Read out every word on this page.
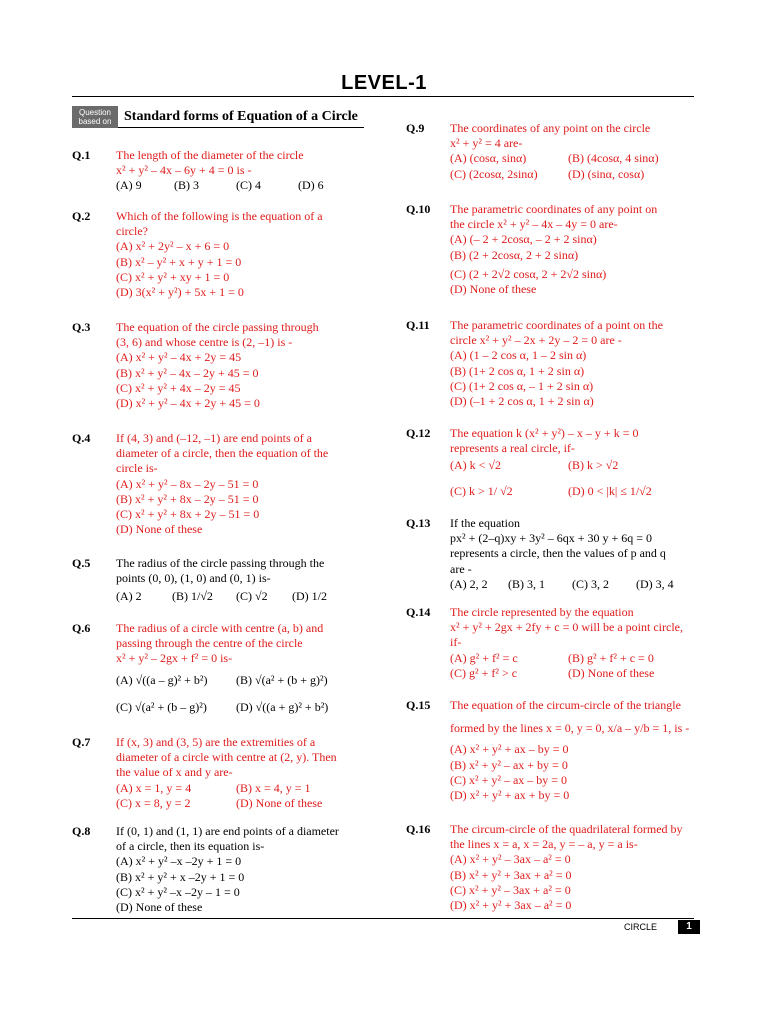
LEVEL-1
Question
based on Standard forms of Equation of a Circle
Q.1 The length of the diameter of the circle
x² + y² – 4x – 6y + 4 = 0 is -
(A) 9	(B) 3	(C) 4	(D) 6
Q.2 Which of the following is the equation of a
circle?
(A) x² + 2y² – x + 6 = 0
(B) x² – y² + x + y + 1 = 0
(C) x² + y² + xy + 1 = 0
(D) 3(x² + y²) + 5x + 1 = 0
Q.3 The equation of the circle passing through
(3, 6) and whose centre is (2, –1) is -
(A) x² + y² – 4x + 2y = 45
(B) x² + y² – 4x – 2y + 45 = 0
(C) x² + y² + 4x – 2y = 45
(D) x² + y² – 4x + 2y + 45 = 0
Q.4 If (4, 3) and (–12, –1) are end points of a
diameter of a circle, then the equation of the
circle is-
(A) x² + y² – 8x – 2y – 51 = 0
(B) x² + y² + 8x – 2y – 51 = 0
(C) x² + y² + 8x + 2y – 51 = 0
(D) None of these
Q.5 The radius of the circle passing through the
points (0, 0), (1, 0) and (0, 1) is-
(A) 2	(B) 1/√2	(C) √2	(D) 1/2
Q.6 The radius of a circle with centre (a, b) and
passing through the centre of the circle
x² + y² – 2gx + f² = 0 is-
(A) √((a – g)² + b²)	(B) √(a² + (b + g)²)
(C) √(a² + (b – g)²)	(D) √((a + g)² + b²)
Q.7 If (x, 3) and (3, 5) are the extremities of a
diameter of a circle with centre at (2, y). Then
the value of x and y are-
(A) x = 1, y = 4	(B) x = 4, y = 1
(C) x = 8, y = 2	(D) None of these
Q.8 If (0, 1) and (1, 1) are end points of a diameter
of a circle, then its equation is-
(A) x² + y² –x –2y + 1 = 0
(B) x² + y² + x –2y + 1 = 0
(C) x² + y² –x –2y – 1 = 0
(D) None of these
Q.9 The coordinates of any point on the circle
x² + y² = 4 are-
(A) (cosα, sinα)	(B) (4cosα, 4 sinα)
(C) (2cosα, 2sinα)	(D) (sinα, cosα)
Q.10 The parametric coordinates of any point on
the circle x² + y² – 4x – 4y = 0 are-
(A) (– 2 + 2cosα, – 2 + 2 sinα)
(B) (2 + 2cosα, 2 + 2 sinα)
(C) (2 + 2√2 cosα, 2 + 2√2 sinα)
(D) None of these
Q.11 The parametric coordinates of a point on the
circle x² + y² – 2x + 2y – 2 = 0 are -
(A) (1 – 2 cos α, 1 – 2 sin α)
(B) (1+ 2 cos α, 1 + 2 sin α)
(C) (1+ 2 cos α, – 1 + 2 sin α)
(D) (–1 + 2 cos α, 1 + 2 sin α)
Q.12 The equation k (x² + y²) – x – y + k = 0
represents a real circle, if-
(A) k < √2	(B) k > √2
(C) k > 1/ √2	(D) 0 < |k| ≤ 1/√2
Q.13 If the equation
px² + (2–q)xy + 3y² – 6qx + 30 y + 6q = 0
represents a circle, then the values of p and q
are -
(A) 2, 2	(B) 3, 1	(C) 3, 2	(D) 3, 4
Q.14 The circle represented by the equation
x² + y² + 2gx + 2fy + c = 0 will be a point circle,
if-
(A) g² + f² = c	(B) g² + f² + c = 0
(C) g² + f² > c	(D) None of these
Q.15 The equation of the circum-circle of the triangle
formed by the lines x = 0, y = 0, x/a – y/b = 1, is -
(A) x² + y² + ax – by = 0
(B) x² + y² – ax + by = 0
(C) x² + y² – ax – by = 0
(D) x² + y² + ax + by = 0
Q.16 The circum-circle of the quadrilateral formed by
the lines x = a, x = 2a, y = – a, y = a is-
(A) x² + y² – 3ax – a² = 0
(B) x² + y² + 3ax + a² = 0
(C) x² + y² – 3ax + a² = 0
(D) x² + y² + 3ax – a² = 0
CIRCLE	1
